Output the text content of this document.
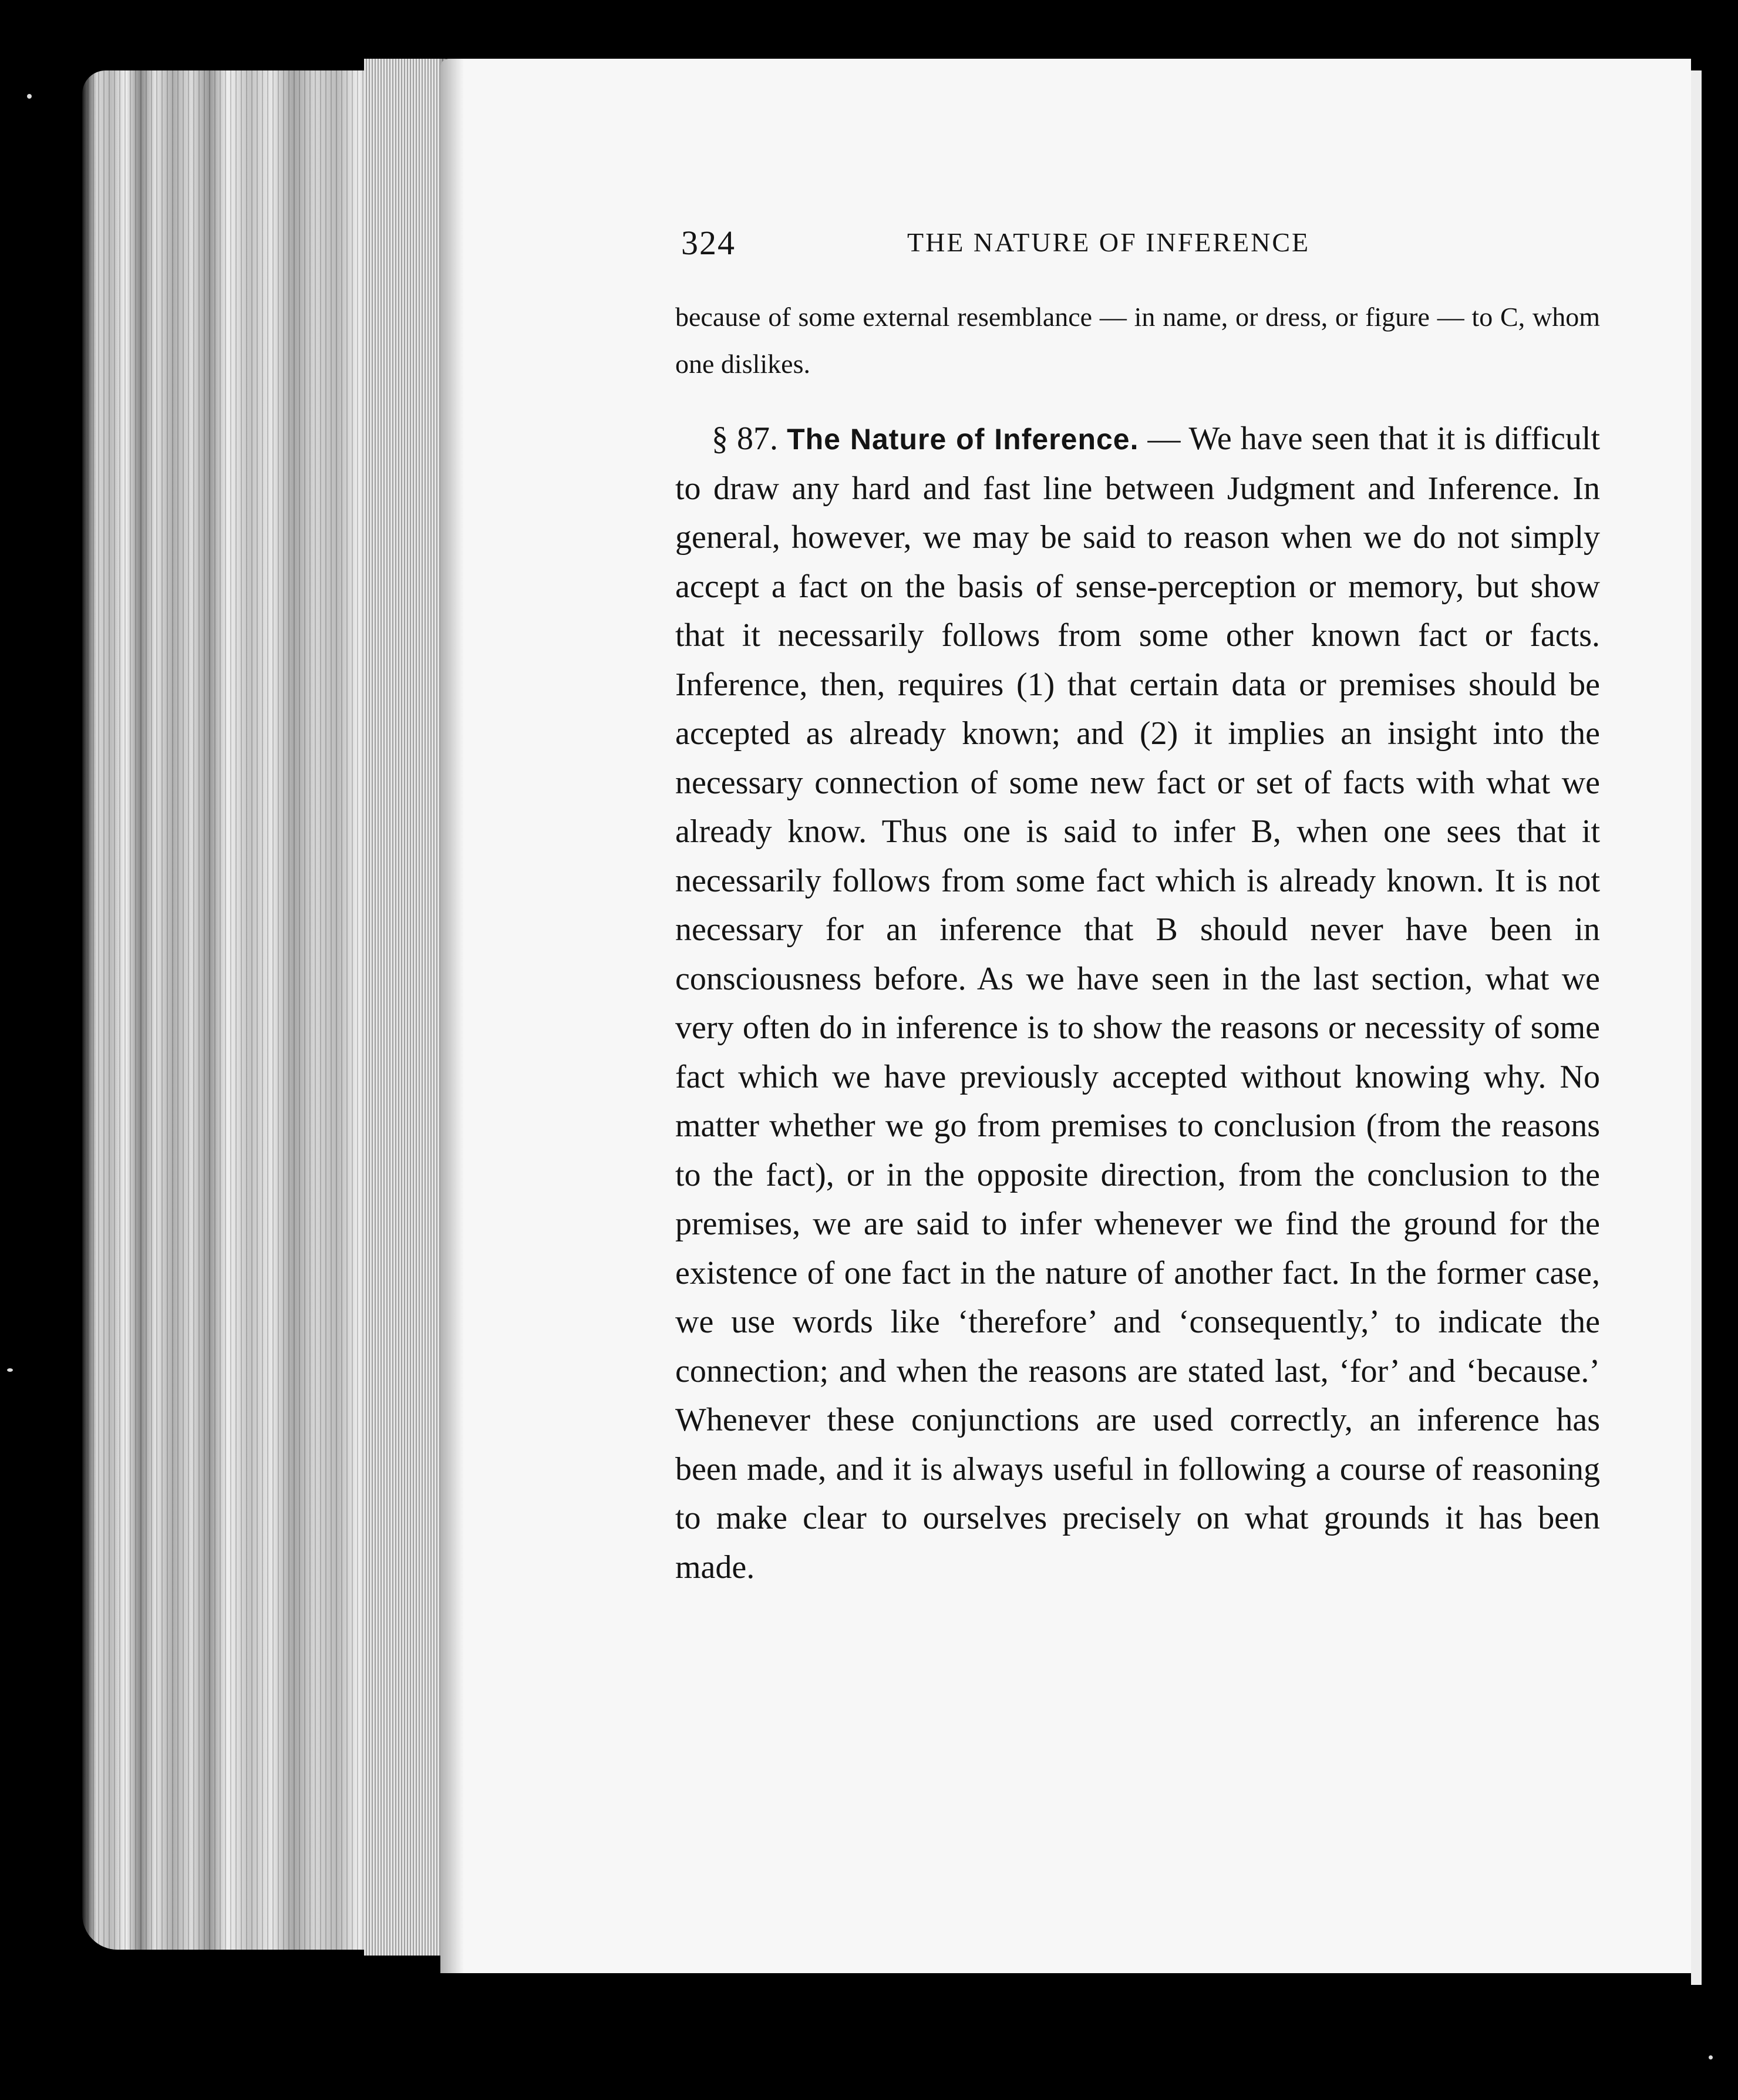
324	THE NATURE OF INFERENCE

because of some external resemblance — in name, or dress, or figure — to C, whom one dislikes.

§ 87. The Nature of Inference. — We have seen that it is difficult to draw any hard and fast line between Judgment and Inference. In general, however, we may be said to reason when we do not simply accept a fact on the basis of sense-perception or memory, but show that it necessarily follows from some other known fact or facts. Inference, then, requires (1) that certain data or premises should be accepted as already known; and (2) it implies an insight into the necessary connection of some new fact or set of facts with what we already know. Thus one is said to infer B, when one sees that it necessarily follows from some fact which is already known. It is not necessary for an inference that B should never have been in consciousness before. As we have seen in the last section, what we very often do in inference is to show the reasons or necessity of some fact which we have previously accepted without knowing why. No matter whether we go from premises to conclusion (from the reasons to the fact), or in the opposite direction, from the conclusion to the premises, we are said to infer whenever we find the ground for the existence of one fact in the nature of another fact. In the former case, we use words like ‘therefore’ and ‘consequently,’ to indicate the connection; and when the reasons are stated last, ‘for’ and ‘because.’ Whenever these conjunctions are used correctly, an inference has been made, and it is always useful in following a course of reasoning to make clear to ourselves precisely on what grounds it has been made.
